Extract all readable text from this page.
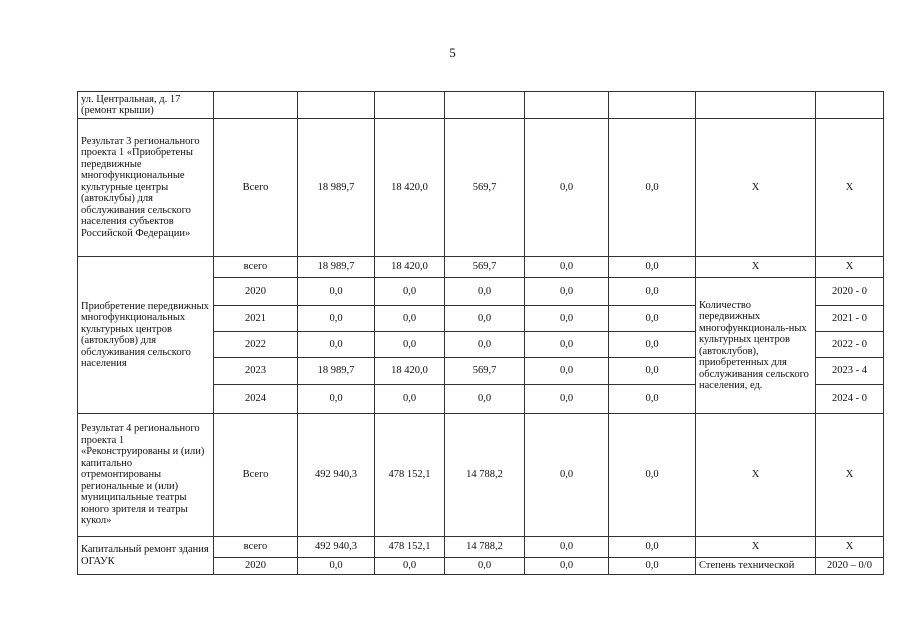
5
ул. Центральная, д. 17 (ремонт крыши)								
Результат 3 регионального проекта 1 «Приобретены передвижные многофункциональные культурные центры (автоклубы) для обслуживания сельского населения субъектов Российской Федерации»	Всего	18 989,7	18 420,0	569,7	0,0	0,0	Х	Х
Приобретение передвижных многофункциональных культурных центров (автоклубов) для обслуживания сельского населения	всего	18 989,7	18 420,0	569,7	0,0	0,0	Х	Х
	2020	0,0	0,0	0,0	0,0	0,0	Количество передвижных многофункциональ-ных культурных центров (автоклубов), приобретенных для обслуживания сельского населения, ед.	2020 - 0
	2021	0,0	0,0	0,0	0,0	0,0		2021 - 0
	2022	0,0	0,0	0,0	0,0	0,0		2022 - 0
	2023	18 989,7	18 420,0	569,7	0,0	0,0		2023 - 4
	2024	0,0	0,0	0,0	0,0	0,0		2024 - 0
Результат 4 регионального проекта 1 «Реконструированы и (или) капитально отремонтированы региональные и (или) муниципальные театры юного зрителя и театры кукол»	Всего	492 940,3	478 152,1	14 788,2	0,0	0,0	Х	Х
Капитальный ремонт здания ОГАУК	всего	492 940,3	478 152,1	14 788,2	0,0	0,0	Х	Х
	2020	0,0	0,0	0,0	0,0	0,0	Степень технической	2020 – 0/0
